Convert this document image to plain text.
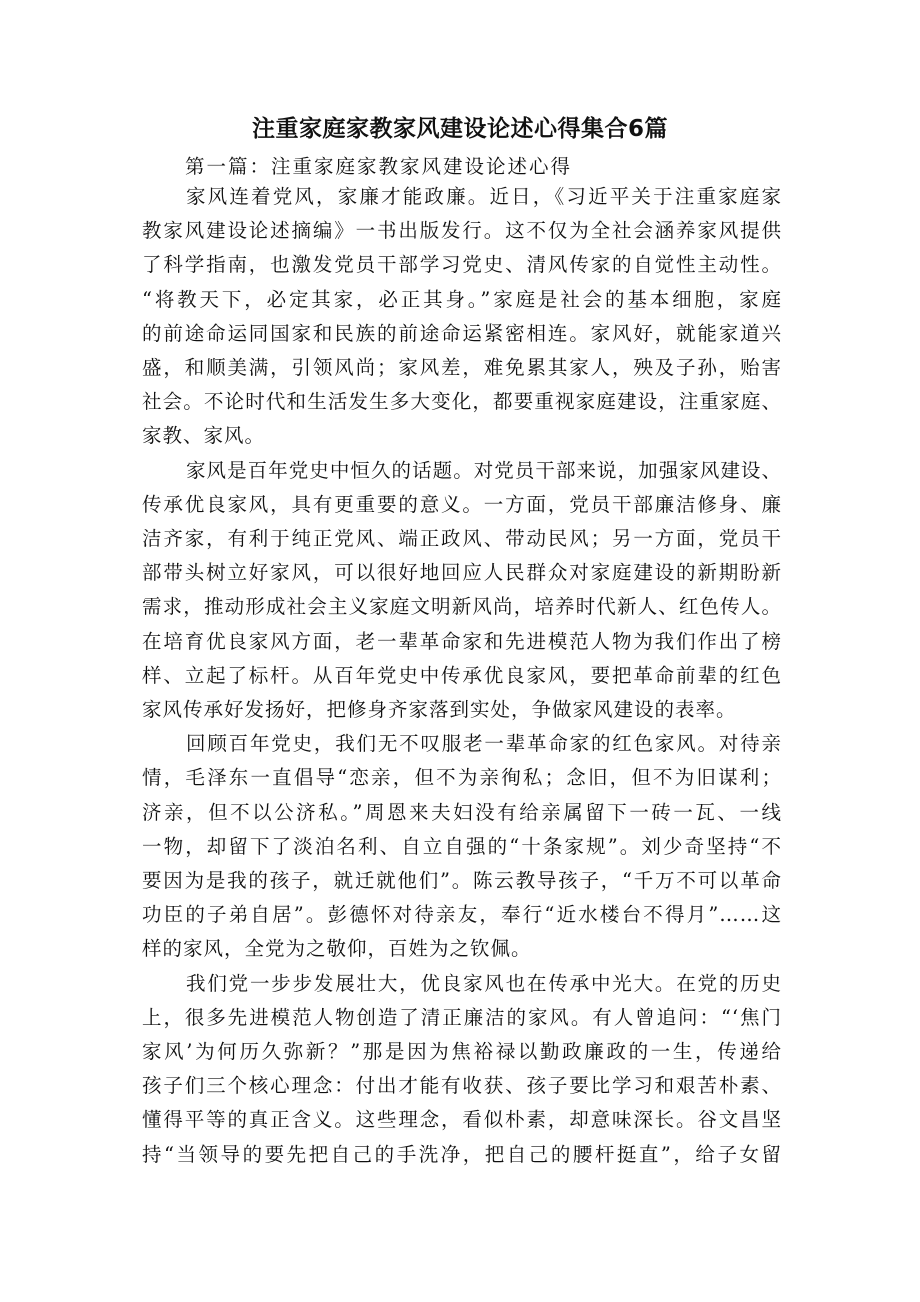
注重家庭家教家风建设论述心得集合6篇
第一篇：注重家庭家教家风建设论述心得
家风连着党风，家廉才能政廉。近日，《习近平关于注重家庭家
教家风建设论述摘编》一书出版发行。这不仅为全社会涵养家风提供
了科学指南，也激发党员干部学习党史、清风传家的自觉性主动性。
“将教天下，必定其家，必正其身。”家庭是社会的基本细胞，家庭
的前途命运同国家和民族的前途命运紧密相连。家风好，就能家道兴
盛，和顺美满，引领风尚；家风差，难免累其家人，殃及子孙，贻害
社会。不论时代和生活发生多大变化，都要重视家庭建设，注重家庭、
家教、家风。
家风是百年党史中恒久的话题。对党员干部来说，加强家风建设、
传承优良家风，具有更重要的意义。一方面，党员干部廉洁修身、廉
洁齐家，有利于纯正党风、端正政风、带动民风；另一方面，党员干
部带头树立好家风，可以很好地回应人民群众对家庭建设的新期盼新
需求，推动形成社会主义家庭文明新风尚，培养时代新人、红色传人。
在培育优良家风方面，老一辈革命家和先进模范人物为我们作出了榜
样、立起了标杆。从百年党史中传承优良家风，要把革命前辈的红色
家风传承好发扬好，把修身齐家落到实处，争做家风建设的表率。
回顾百年党史，我们无不叹服老一辈革命家的红色家风。对待亲
情，毛泽东一直倡导“恋亲，但不为亲徇私；念旧，但不为旧谋利；
济亲，但不以公济私。”周恩来夫妇没有给亲属留下一砖一瓦、一线
一物，却留下了淡泊名利、自立自强的“十条家规”。刘少奇坚持“不
要因为是我的孩子，就迁就他们”。陈云教导孩子，“千万不可以革命
功臣的子弟自居”。彭德怀对待亲友，奉行“近水楼台不得月”……这
样的家风，全党为之敬仰，百姓为之钦佩。
我们党一步步发展壮大，优良家风也在传承中光大。在党的历史
上，很多先进模范人物创造了清正廉洁的家风。有人曾追问：“‘焦门
家风’为何历久弥新？”那是因为焦裕禄以勤政廉政的一生，传递给
孩子们三个核心理念：付出才能有收获、孩子要比学习和艰苦朴素、
懂得平等的真正含义。这些理念，看似朴素，却意味深长。谷文昌坚
持“当领导的要先把自己的手洗净，把自己的腰杆挺直”，给子女留
